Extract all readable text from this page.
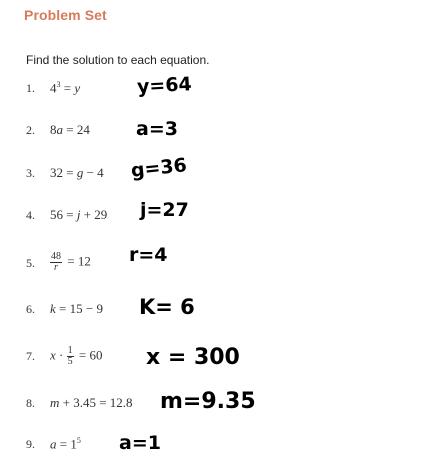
Problem Set
Find the solution to each equation.
1. $4^3 = y$	y=64
2. 8a = 24 a=3
3. 32 = g − 4 g=36
4. 56 = j + 29 j=27
5. $\frac{48}{r} = 12$ r=4
6. k = 15 − 9 K= 6
7. $x \cdot \frac{1}{5} = 60$ x = 300
8. m + 3.45 = 12.8 m=9.35
9. $a = 1^5$ a=1
